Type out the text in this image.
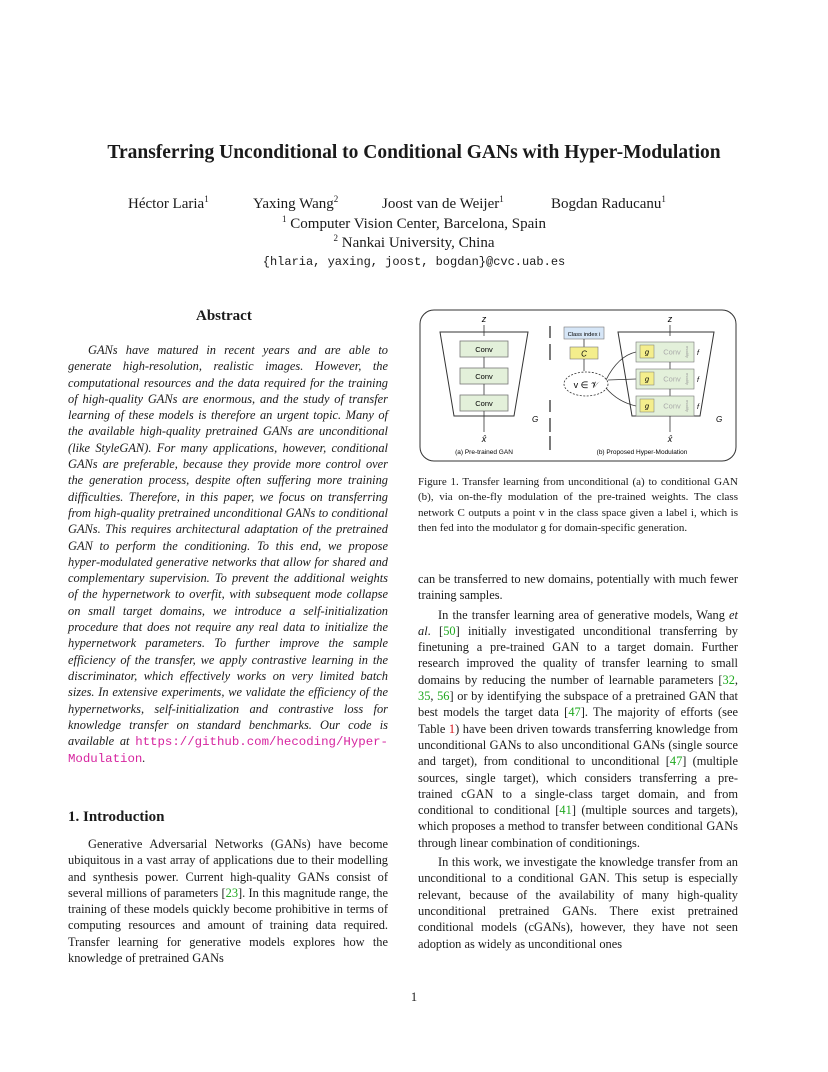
Transferring Unconditional to Conditional GANs with Hyper-Modulation
Héctor Laria$^1$	Yaxing Wang$^2$	Joost van de Weijer$^1$	Bogdan Raducanu$^1$
$^1$ Computer Vision Center, Barcelona, Spain
$^2$ Nankai University, China
{hlaria, yaxing, joost, bogdan}@cvc.uab.es
Abstract

GANs have matured in recent years and are able to generate high-resolution, realistic images. However, the computational resources and the data required for the training of high-quality GANs are enormous, and the study of transfer learning of these models is therefore an urgent topic. Many of the available high-quality pretrained GANs are unconditional (like StyleGAN). For many applications, however, conditional GANs are preferable, because they provide more control over the generation process, despite often suffering more training difficulties. Therefore, in this paper, we focus on transferring from high-quality pretrained unconditional GANs to conditional GANs. This requires architectural adaptation of the pretrained GAN to perform the conditioning. To this end, we propose hyper-modulated generative networks that allow for shared and complementary supervision. To prevent the additional weights of the hypernetwork to overfit, with subsequent mode collapse on small target domains, we introduce a self-initialization procedure that does not require any real data to initialize the hypernetwork parameters. To further improve the sample efficiency of the transfer, we apply contrastive learning in the discriminator, which effectively works on very limited batch sizes. In extensive experiments, we validate the efficiency of the hypernetworks, self-initialization and contrastive loss for knowledge transfer on standard benchmarks. Our code is available at https://github.com/hecoding/Hyper-Modulation.

1. Introduction

Generative Adversarial Networks (GANs) have become ubiquitous in a vast array of applications due to their modelling and synthesis power. Current high-quality GANs consist of several millions of parameters [23]. In this magnitude range, the training of these models quickly become prohibitive in terms of computing resources and amount of training data required. Transfer learning for generative models explores how the knowledge of pretrained GANs

z
Conv
Conv
Conv
G
x̂
(a) Pre-trained GAN
z
Class index i
C
v ∈ 𝒱
g Conv modify f
g Conv modify f
g Conv modify f
G
x̂
(b) Proposed Hyper-Modulation

Figure 1. Transfer learning from unconditional (a) to conditional GAN (b), via on-the-fly modulation of the pre-trained weights. The class network C outputs a point v in the class space given a label i, which is then fed into the modulator g for domain-specific generation.

can be transferred to new domains, potentially with much fewer training samples.

In the transfer learning area of generative models, Wang et al. [50] initially investigated unconditional transferring by finetuning a pre-trained GAN to a target domain. Further research improved the quality of transfer learning to small domains by reducing the number of learnable parameters [32, 35, 56] or by identifying the subspace of a pretrained GAN that best models the target data [47]. The majority of efforts (see Table 1) have been driven towards transferring knowledge from unconditional GANs to also unconditional GANs (single source and target), from conditional to unconditional [47] (multiple sources, single target), which considers transferring a pre-trained cGAN to a single-class target domain, and from conditional to conditional [41] (multiple sources and targets), which proposes a method to transfer between conditional GANs through linear combination of conditionings.

In this work, we investigate the knowledge transfer from an unconditional to a conditional GAN. This setup is especially relevant, because of the availability of many high-quality unconditional pretrained GANs. There exist pretrained conditional models (cGANs), however, they have not seen adoption as widely as unconditional ones

1
